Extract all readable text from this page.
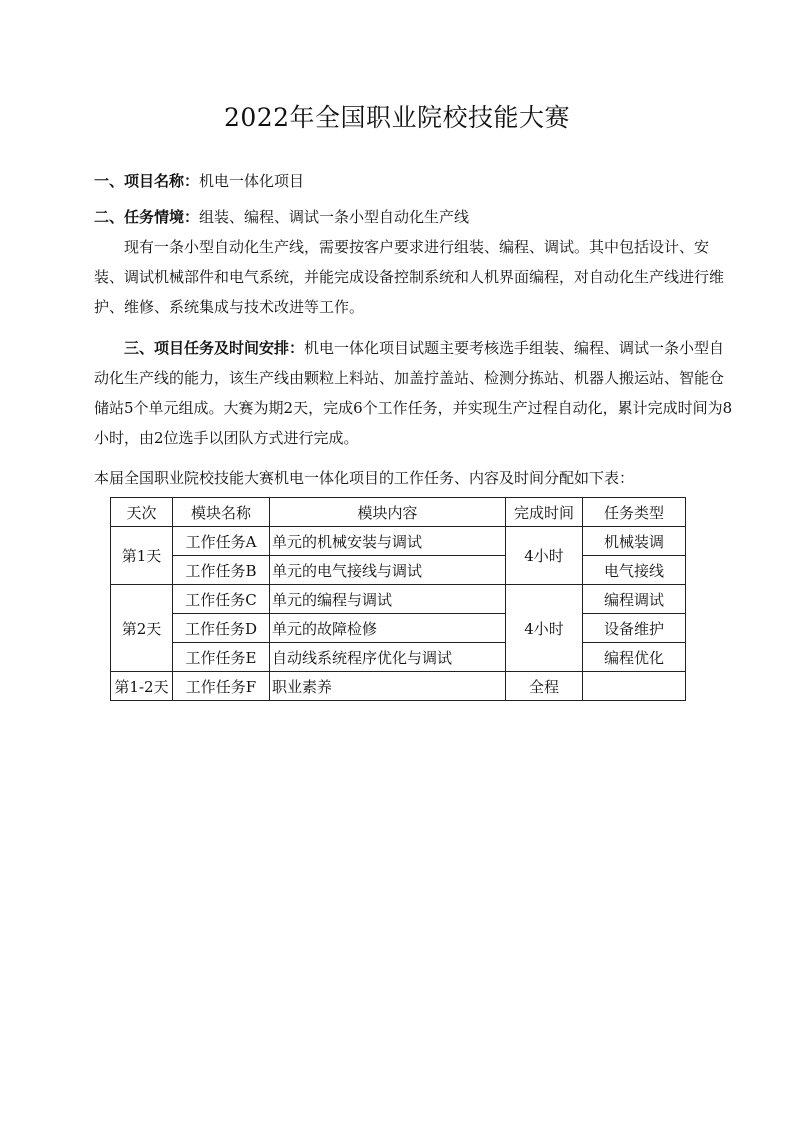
2022年全国职业院校技能大赛

一、项目名称：机电一体化项目

二、任务情境：组装、编程、调试一条小型自动化生产线

现有一条小型自动化生产线，需要按客户要求进行组装、编程、调试。其中包括设计、安装、调试机械部件和电气系统，并能完成设备控制系统和人机界面编程，对自动化生产线进行维护、维修、系统集成与技术改进等工作。

三、项目任务及时间安排：机电一体化项目试题主要考核选手组装、编程、调试一条小型自动化生产线的能力，该生产线由颗粒上料站、加盖拧盖站、检测分拣站、机器人搬运站、智能仓储站5个单元组成。大赛为期2天，完成6个工作任务，并实现生产过程自动化，累计完成时间为8小时，由2位选手以团队方式进行完成。

本届全国职业院校技能大赛机电一体化项目的工作任务、内容及时间分配如下表：

天次	模块名称	模块内容	完成时间	任务类型
第1天	工作任务A	单元的机械安装与调试	4小时	机械装调
	工作任务B	单元的电气接线与调试		电气接线
第2天	工作任务C	单元的编程与调试	4小时	编程调试
	工作任务D	单元的故障检修		设备维护
	工作任务E	自动线系统程序优化与调试		编程优化
第1-2天	工作任务F	职业素养	全程	
